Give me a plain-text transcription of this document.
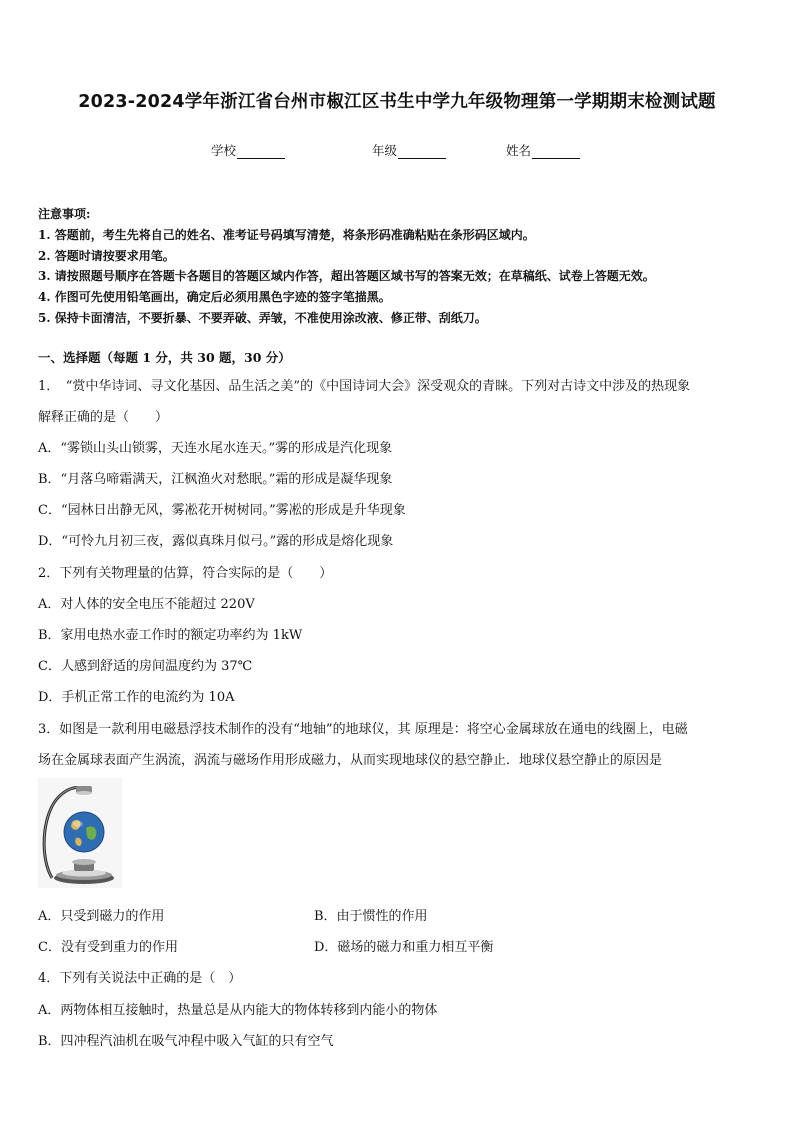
2023-2024学年浙江省台州市椒江区书生中学九年级物理第一学期期末检测试题
学校	年级	姓名
注意事项:
1. 答题前，考生先将自己的姓名、准考证号码填写清楚，将条形码准确粘贴在条形码区域内。
2. 答题时请按要求用笔。
3. 请按照题号顺序在答题卡各题目的答题区域内作答，超出答题区域书写的答案无效；在草稿纸、试卷上答题无效。
4. 作图可先使用铅笔画出，确定后必须用黑色字迹的签字笔描黑。
5. 保持卡面清洁，不要折暴、不要弄破、弄皱，不准使用涂改液、修正带、刮纸刀。
一、选择题（每题 1 分，共 30 题，30 分）
1．　“赏中华诗词、寻文化基因、品生活之美”的《中国诗词大会》深受观众的青睐。下列对古诗文中涉及的热现象
解释正确的是（　　）
A．“雾锁山头山锁雾，天连水尾水连天。”雾的形成是汽化现象
B．“月落乌啼霜满天，江枫渔火对愁眠。”霜的形成是凝华现象
C．“园林日出静无风，雾凇花开树树同。”雾凇的形成是升华现象
D．“可怜九月初三夜，露似真珠月似弓。”露的形成是熔化现象
2．下列有关物理量的估算，符合实际的是（　　）
A．对人体的安全电压不能超过 220V
B．家用电热水壶工作时的额定功率约为 1kW
C．人感到舒适的房间温度约为 37℃
D．手机正常工作的电流约为 10A
3．如图是一款利用电磁悬浮技术制作的没有“地轴”的地球仪，其 原理是：将空心金属球放在通电的线圈上，电磁
场在金属球表面产生涡流，涡流与磁场作用形成磁力，从而实现地球仪的悬空静止．地球仪悬空静止的原因是
A．只受到磁力的作用	B．由于惯性的作用
C．没有受到重力的作用	D．磁场的磁力和重力相互平衡
4．下列有关说法中正确的是（　）
A．两物体相互接触时，热量总是从内能大的物体转移到内能小的物体
B．四冲程汽油机在吸气冲程中吸入气缸的只有空气
